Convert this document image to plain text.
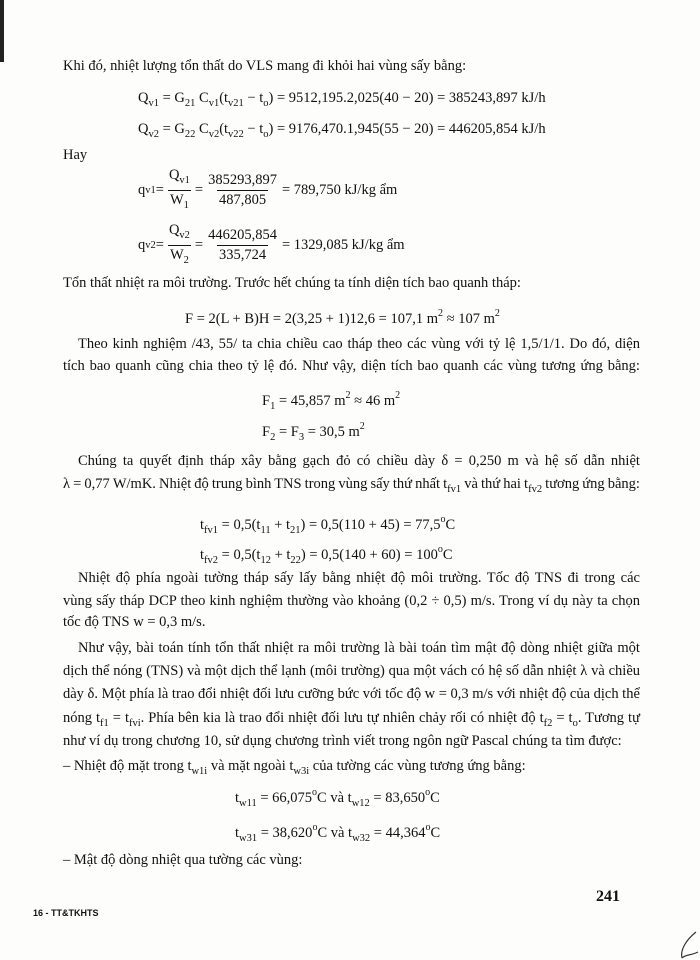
Khi đó, nhiệt lượng tổn thất do VLS mang đi khỏi hai vùng sấy bằng:
$Q_{v1} = G_{21}$ $C_{v1}(t_{v21} - t_o) = 9512,195.2,025(40 - 20) = 385243,897$ kJ/h
$Q_{v2} = G_{22}$ $C_{v2}(t_{v22} - t_o) = 9176,470.1,945(55 - 20) = 446205,854$ kJ/h
Hay
q $v1 = \frac{Q_{v1}}{W_1} = \frac{385293,897}{487,805} = 789,750$ kJ/kg ẩm
q $v2 = \frac{Q_{v2}}{W_2} = \frac{446205,854}{335,724} = 1329,085$ kJ/kg ẩm
Tổn thất nhiệt ra môi trường. Trước hết chúng ta tính diện tích bao quanh tháp:
F = 2(L + B)H = 2(3,25 + 1)12,6 = 107,1 $m^2 \approx 107$ $m^2$
Theo kinh nghiệm /43, 55/ ta chia chiều cao tháp theo các vùng với tỷ lệ 1,5/1/1. Do đó, diện
tích bao quanh cũng chia theo tỷ lệ đó. Như vậy, diện tích bao quanh các vùng tương ứng bằng:
$F_1 = 45,857$ $m^2 \approx 46$ $m^2$
$F_2 = F_3 = 30,5$ $m^2$
Chúng ta quyết định tháp xây bằng gạch đỏ có chiều dày δ = 0,250 m và hệ số dẫn nhiệt
λ = 0,77 W/mK. Nhiệt độ trung bình TNS trong vùng sấy thứ nhất $t_{fv1}$ và thứ hai $t_{fv2}$ tương ứng bằng:
$t_{fv1} = 0,5(t_{11} + t_{21}) = 0,5(110 + 45) = 77,5^oC$
$t_{fv2} = 0,5(t_{12} + t_{22}) = 0,5(140 + 60) = 100^oC$
Nhiệt độ phía ngoài tường tháp sấy lấy bằng nhiệt độ môi trường. Tốc độ TNS đi trong các
vùng sấy tháp DCP theo kinh nghiệm thường vào khoảng (0,2 ÷ 0,5) m/s. Trong ví dụ này ta chọn
tốc độ TNS w = 0,3 m/s.
Như vậy, bài toán tính tổn thất nhiệt ra môi trường là bài toán tìm mật độ dòng nhiệt giữa một
dịch thể nóng (TNS) và một dịch thể lạnh (môi trường) qua một vách có hệ số dẫn nhiệt λ và chiều
dày δ. Một phía là trao đổi nhiệt đối lưu cưỡng bức với tốc độ w = 0,3 m/s với nhiệt độ của dịch thể
nóng $t_{f1} = t_{fvi}$. Phía bên kia là trao đổi nhiệt đối lưu tự nhiên chảy rối có nhiệt độ $t_{f2} = t_o$. Tương tự
như ví dụ trong chương 10, sử dụng chương trình viết trong ngôn ngữ Pascal chúng ta tìm được:
– Nhiệt độ mặt trong $t_{w1i}$ và mặt ngoài $t_{w3i}$ của tường các vùng tương ứng bằng:
$t_{w11} = 66,075^oC$ và $t_{w12} = 83,650^oC$
$t_{w31} = 38,620^oC$ và $t_{w32} = 44,364^oC$
– Mật độ dòng nhiệt qua tường các vùng:
241
16 - TT&TKHTS
